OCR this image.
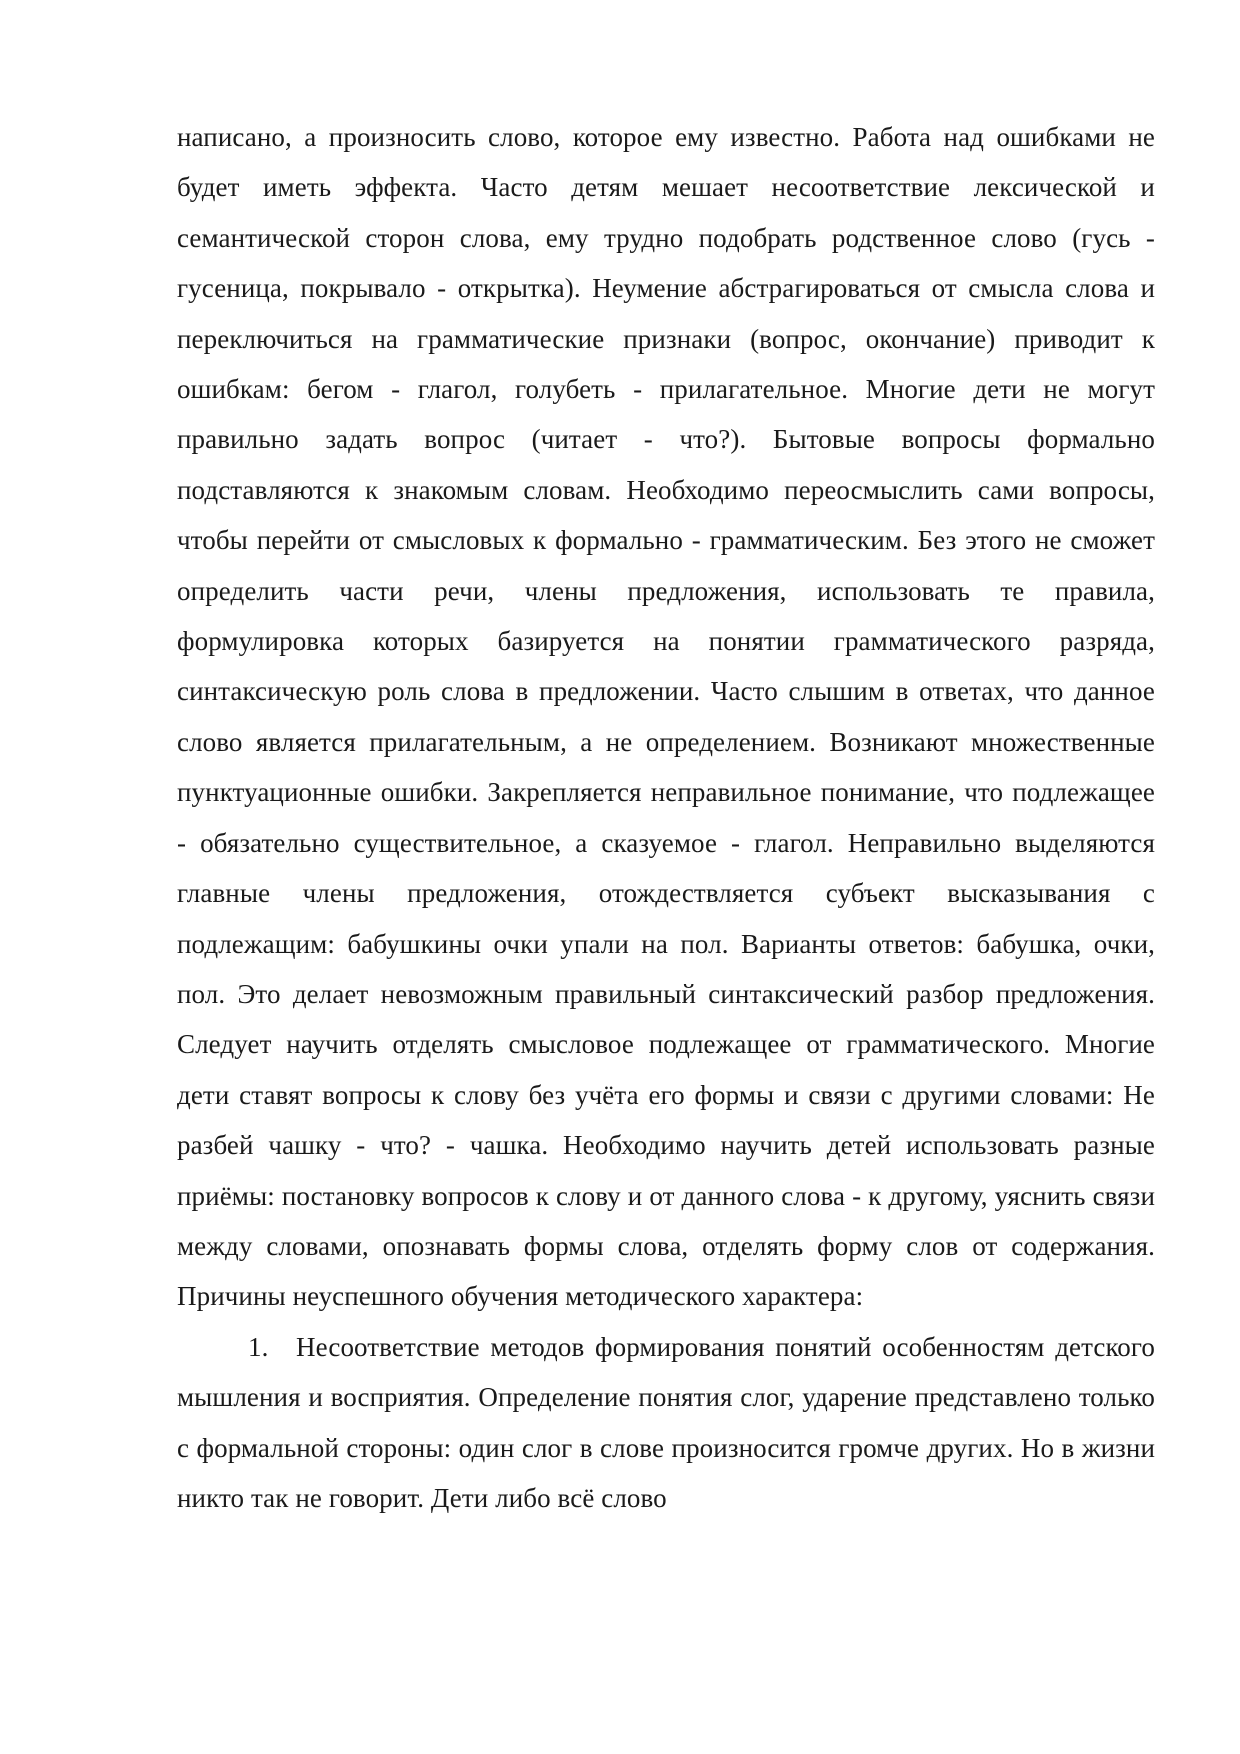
написано, а произносить слово, которое ему известно. Работа над ошибками не будет иметь эффекта. Часто детям мешает несоответствие лексической и семантической сторон слова, ему трудно подобрать родственное слово (гусь - гусеница, покрывало - открытка). Неумение абстрагироваться от смысла слова и переключиться на грамматические признаки (вопрос, окончание) приводит к ошибкам: бегом - глагол, голубеть - прилагательное. Многие дети не могут правильно задать вопрос (читает - что?). Бытовые вопросы формально подставляются к знакомым словам. Необходимо переосмыслить сами вопросы, чтобы перейти от смысловых к формально - грамматическим. Без этого не сможет определить части речи, члены предложения, использовать те правила, формулировка которых базируется на понятии грамматического разряда, синтаксическую роль слова в предложении. Часто слышим в ответах, что данное слово является прилагательным, а не определением. Возникают множественные пунктуационные ошибки. Закрепляется неправильное понимание, что подлежащее - обязательно существительное, а сказуемое - глагол. Неправильно выделяются главные члены предложения, отождествляется субъект высказывания с подлежащим: бабушкины очки упали на пол. Варианты ответов: бабушка, очки, пол. Это делает невозможным правильный синтаксический разбор предложения. Следует научить отделять смысловое подлежащее от грамматического. Многие дети ставят вопросы к слову без учёта его формы и связи с другими словами: Не разбей чашку - что? - чашка. Необходимо научить детей использовать разные приёмы: постановку вопросов к слову и от данного слова - к другому, уяснить связи между словами, опознавать формы слова, отделять форму слов от содержания. Причины неуспешного обучения методического характера:

1. Несоответствие методов формирования понятий особенностям детского мышления и восприятия. Определение понятия слог, ударение представлено только с формальной стороны: один слог в слове произносится громче других. Но в жизни никто так не говорит. Дети либо всё слово
